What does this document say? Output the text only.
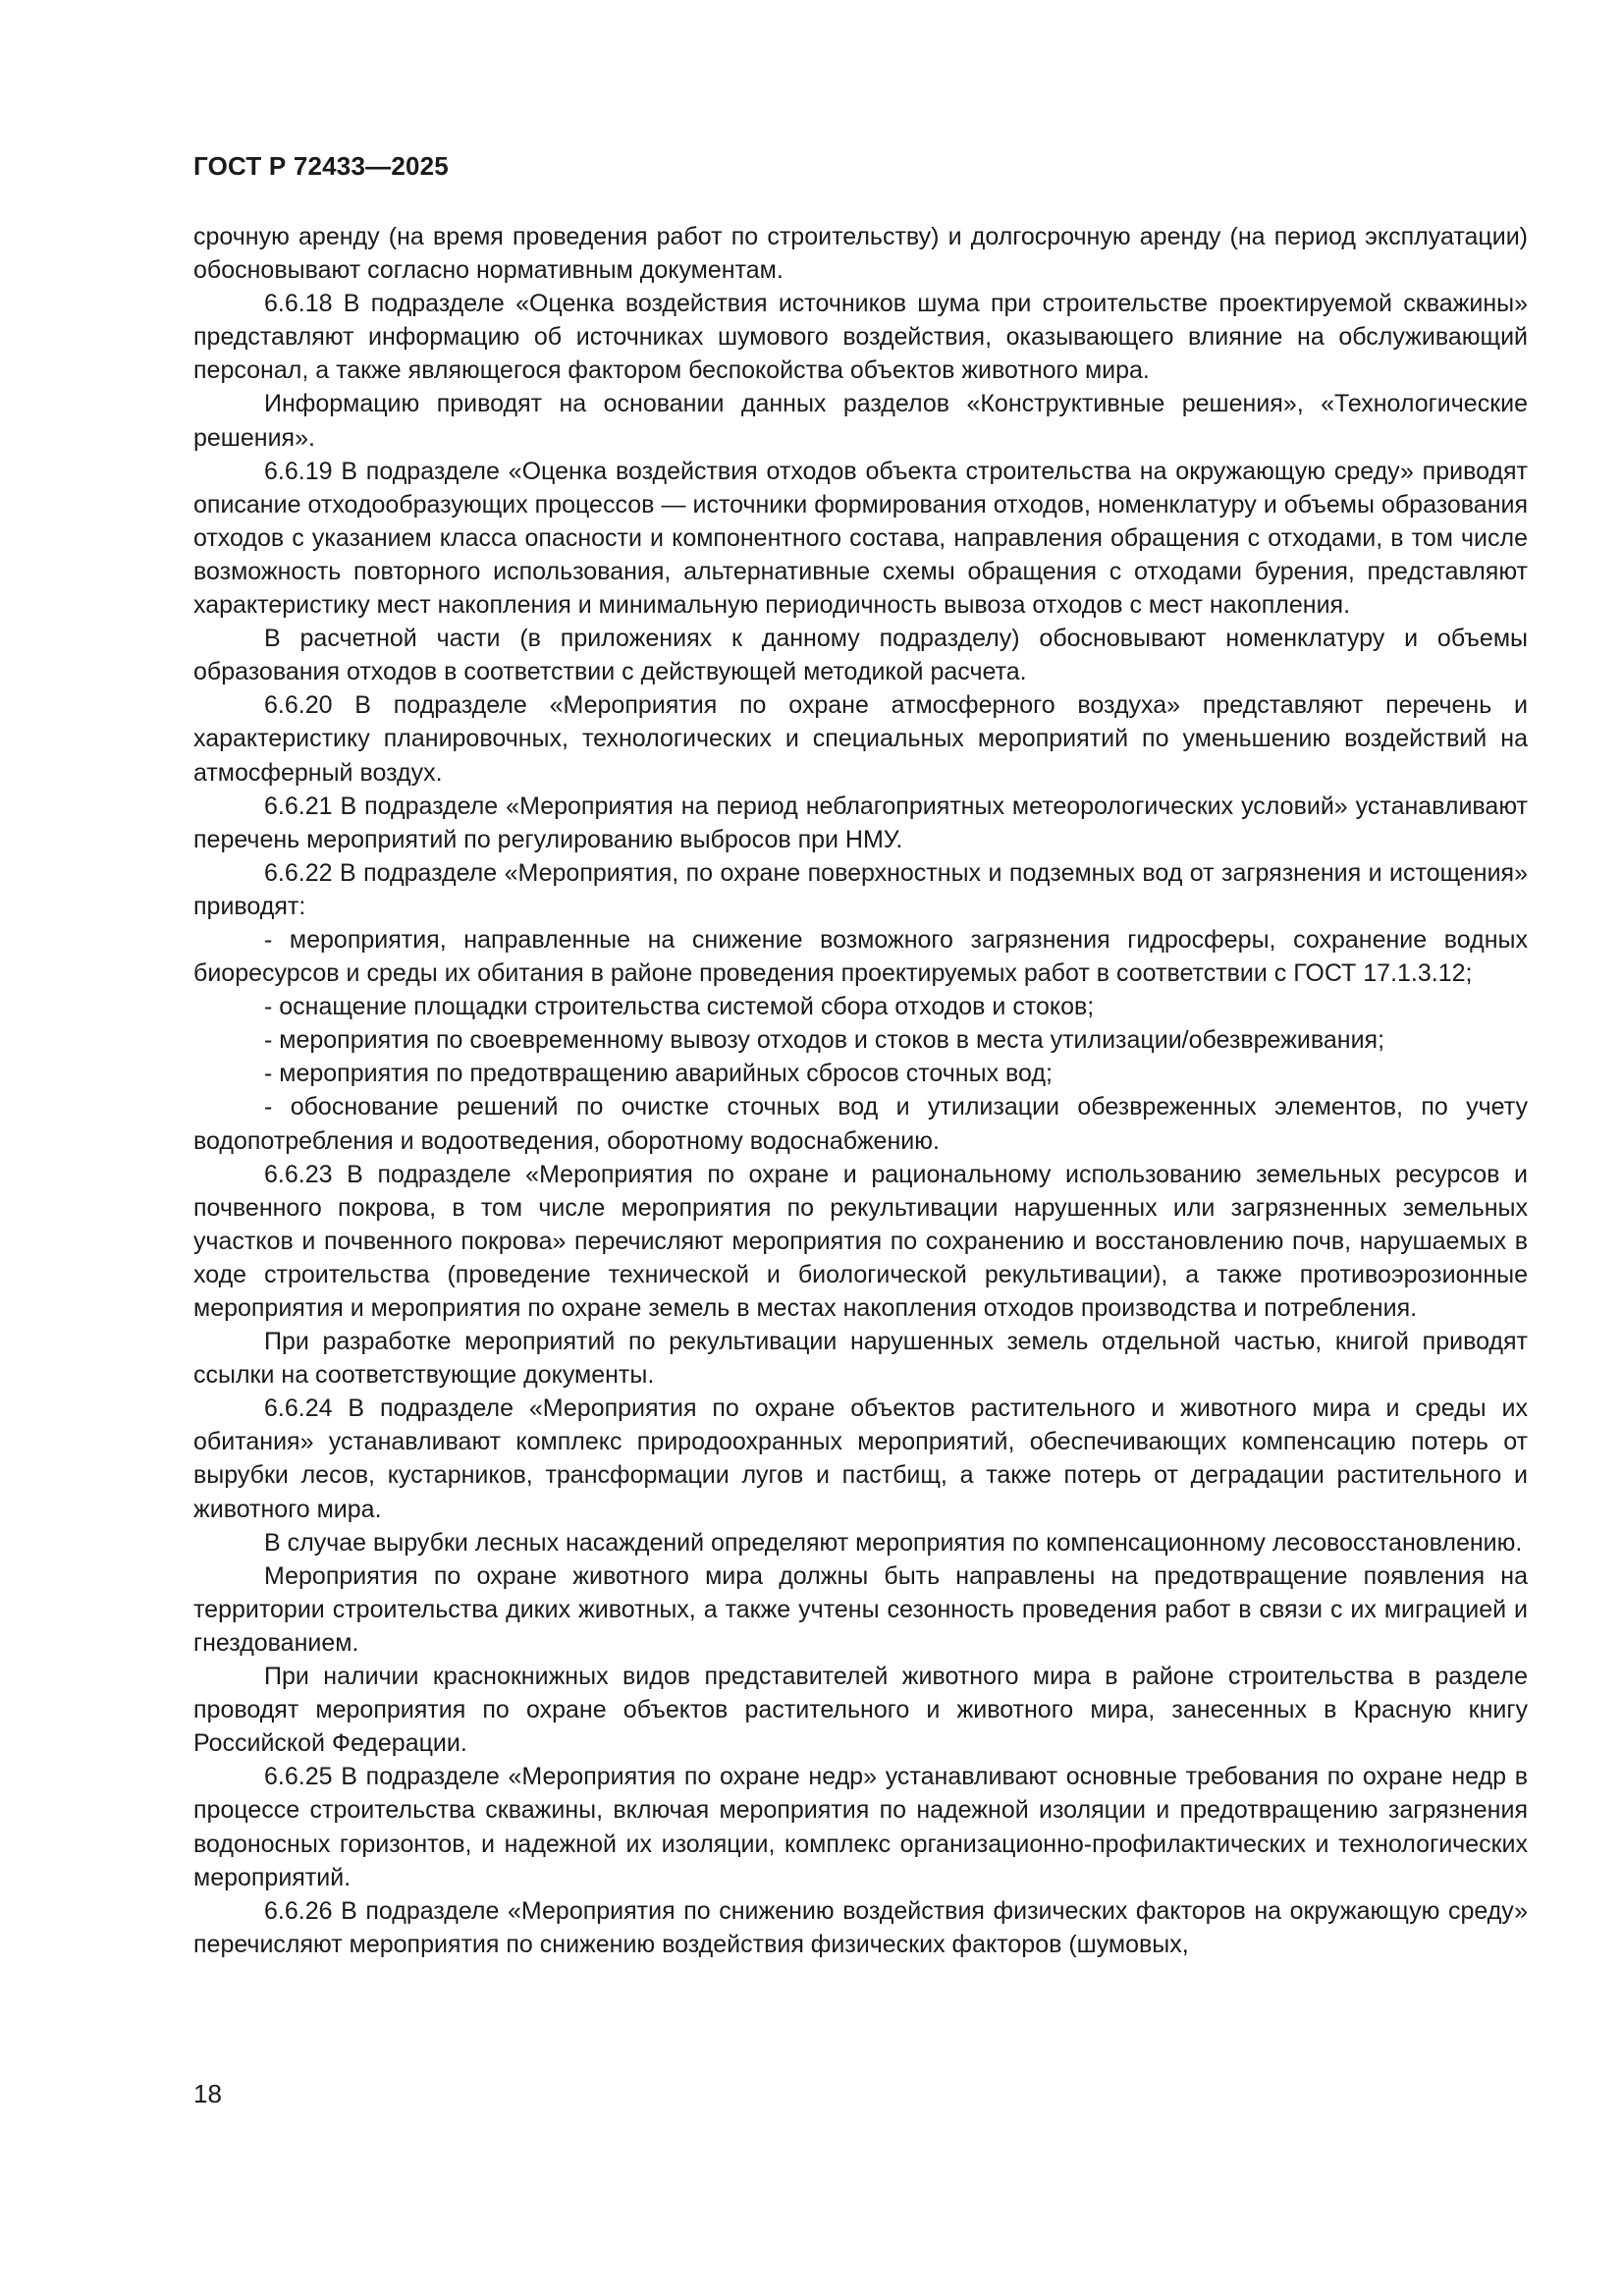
ГОСТ Р 72433—2025

срочную аренду (на время проведения работ по строительству) и долгосрочную аренду (на период эксплуатации) обосновывают согласно нормативным документам.

6.6.18 В подразделе «Оценка воздействия источников шума при строительстве проектируемой скважины» представляют информацию об источниках шумового воздействия, оказывающего влияние на обслуживающий персонал, а также являющегося фактором беспокойства объектов животного мира.

Информацию приводят на основании данных разделов «Конструктивные решения», «Технологические решения».

6.6.19 В подразделе «Оценка воздействия отходов объекта строительства на окружающую среду» приводят описание отходообразующих процессов — источники формирования отходов, номенклатуру и объемы образования отходов с указанием класса опасности и компонентного состава, направления обращения с отходами, в том числе возможность повторного использования, альтернативные схемы обращения с отходами бурения, представляют характеристику мест накопления и минимальную периодичность вывоза отходов с мест накопления.

В расчетной части (в приложениях к данному подразделу) обосновывают номенклатуру и объемы образования отходов в соответствии с действующей методикой расчета.

6.6.20 В подразделе «Мероприятия по охране атмосферного воздуха» представляют перечень и характеристику планировочных, технологических и специальных мероприятий по уменьшению воздействий на атмосферный воздух.

6.6.21 В подразделе «Мероприятия на период неблагоприятных метеорологических условий» устанавливают перечень мероприятий по регулированию выбросов при НМУ.

6.6.22 В подразделе «Мероприятия, по охране поверхностных и подземных вод от загрязнения и истощения» приводят:

- мероприятия, направленные на снижение возможного загрязнения гидросферы, сохранение водных биоресурсов и среды их обитания в районе проведения проектируемых работ в соответствии с ГОСТ 17.1.3.12;

- оснащение площадки строительства системой сбора отходов и стоков;

- мероприятия по своевременному вывозу отходов и стоков в места утилизации/обезвреживания;

- мероприятия по предотвращению аварийных сбросов сточных вод;

- обоснование решений по очистке сточных вод и утилизации обезвреженных элементов, по учету водопотребления и водоотведения, оборотному водоснабжению.

6.6.23 В подразделе «Мероприятия по охране и рациональному использованию земельных ресурсов и почвенного покрова, в том числе мероприятия по рекультивации нарушенных или загрязненных земельных участков и почвенного покрова» перечисляют мероприятия по сохранению и восстановлению почв, нарушаемых в ходе строительства (проведение технической и биологической рекультивации), а также противоэрозионные мероприятия и мероприятия по охране земель в местах накопления отходов производства и потребления.

При разработке мероприятий по рекультивации нарушенных земель отдельной частью, книгой приводят ссылки на соответствующие документы.

6.6.24 В подразделе «Мероприятия по охране объектов растительного и животного мира и среды их обитания» устанавливают комплекс природоохранных мероприятий, обеспечивающих компенсацию потерь от вырубки лесов, кустарников, трансформации лугов и пастбищ, а также потерь от деградации растительного и животного мира.

В случае вырубки лесных насаждений определяют мероприятия по компенсационному лесовосстановлению.

Мероприятия по охране животного мира должны быть направлены на предотвращение появления на территории строительства диких животных, а также учтены сезонность проведения работ в связи с их миграцией и гнездованием.

При наличии краснокнижных видов представителей животного мира в районе строительства в разделе проводят мероприятия по охране объектов растительного и животного мира, занесенных в Красную книгу Российской Федерации.

6.6.25 В подразделе «Мероприятия по охране недр» устанавливают основные требования по охране недр в процессе строительства скважины, включая мероприятия по надежной изоляции и предотвращению загрязнения водоносных горизонтов, и надежной их изоляции, комплекс организационно-профилактических и технологических мероприятий.

6.6.26 В подразделе «Мероприятия по снижению воздействия физических факторов на окружающую среду» перечисляют мероприятия по снижению воздействия физических факторов (шумовых,

18
